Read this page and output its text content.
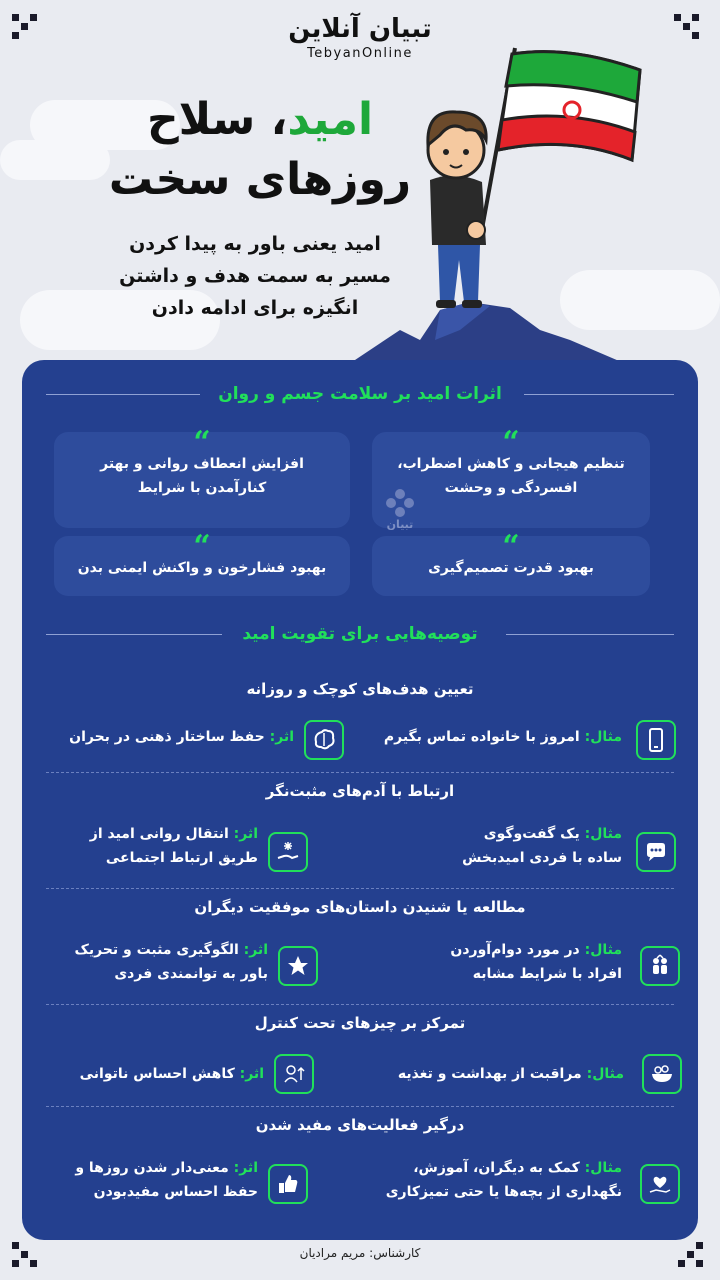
تبیان آنلاین
TebyanOnline
امید، سلاح
روزهای سخت
امید یعنی باور به پیدا کردن
مسیر به سمت هدف و داشتن
انگیزه برای ادامه دادن
اثرات امید بر سلامت جسم و روان
“
تنظیم هیجانی و کاهش اضطراب،
افسردگی و وحشت
“
افزایش انعطاف روانی و بهتر
کنارآمدن با شرایط
“
بهبود قدرت تصمیم‌گیری
“
بهبود فشارخون و واکنش ایمنی بدن
تبیان
توصیه‌هایی برای تقویت امید
تعیین هدف‌های کوچک و روزانه
مثال: امروز با خانواده تماس بگیرم
اثر: حفظ ساختار ذهنی در بحران
ارتباط با آدم‌های مثبت‌نگر
مثال: یک گفت‌وگوی
ساده با فردی امیدبخش
اثر: انتقال روانی امید از
طریق ارتباط اجتماعی
مطالعه یا شنیدن داستان‌های موفقیت دیگران
مثال: در مورد دوام‌آوردن
افراد با شرایط مشابه
اثر: الگوگیری مثبت و تحریک
باور به توانمندی فردی
تمرکز بر چیزهای تحت کنترل
مثال: مراقبت از بهداشت و تغذیه
اثر: کاهش احساس ناتوانی
درگیر فعالیت‌های مفید شدن
مثال: کمک به دیگران، آموزش،
نگهداری از بچه‌ها یا حتی تمیزکاری
اثر: معنی‌دار شدن روزها و
حفظ احساس مفیدبودن
کارشناس: مریم مرادیان
